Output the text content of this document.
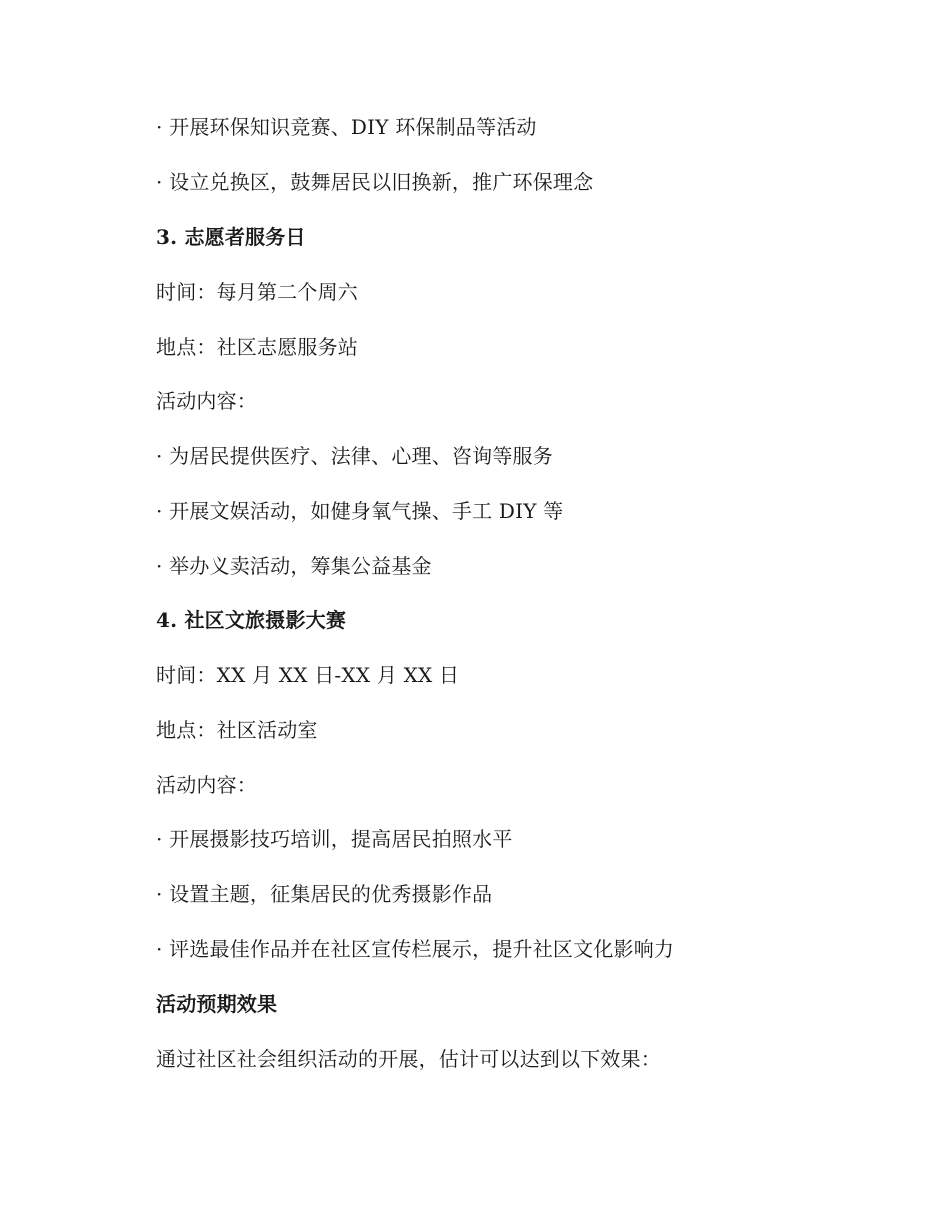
· 开展环保知识竞赛、DIY 环保制品等活动
· 设立兑换区，鼓舞居民以旧换新，推广环保理念
3. 志愿者服务日
时间：每月第二个周六
地点：社区志愿服务站
活动内容：
· 为居民提供医疗、法律、心理、咨询等服务
· 开展文娱活动，如健身氧气操、手工 DIY 等
· 举办义卖活动，筹集公益基金
4. 社区文旅摄影大赛
时间：XX 月 XX 日-XX 月 XX 日
地点：社区活动室
活动内容：
· 开展摄影技巧培训，提高居民拍照水平
· 设置主题，征集居民的优秀摄影作品
· 评选最佳作品并在社区宣传栏展示，提升社区文化影响力
活动预期效果
通过社区社会组织活动的开展，估计可以达到以下效果：
